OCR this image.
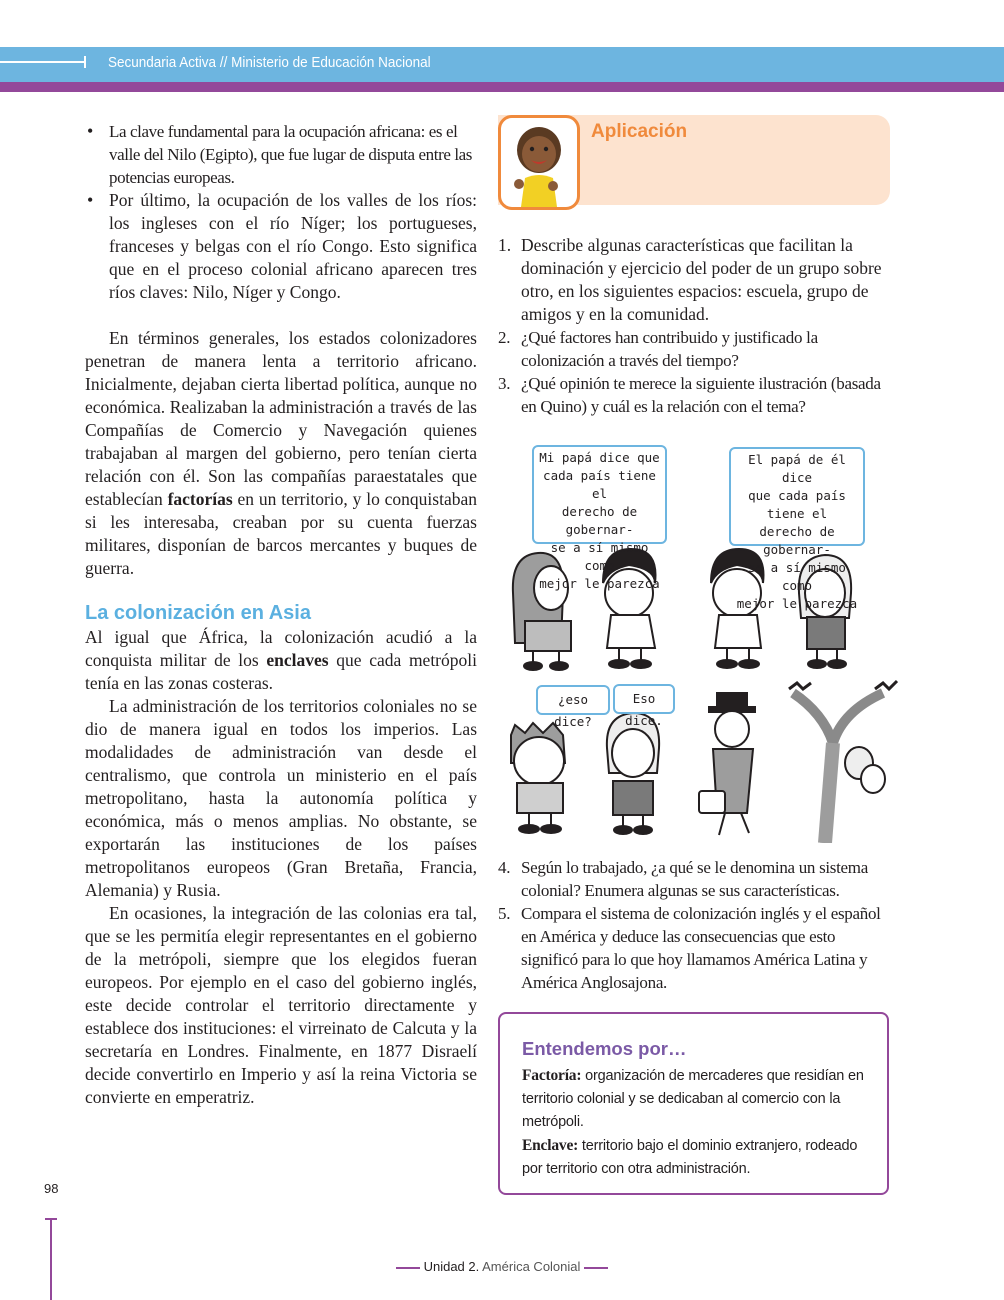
Secundaria Activa // Ministerio de Educación Nacional
• La clave fundamental para la ocupación africana: es el valle del Nilo (Egipto), que fue lugar de disputa entre las potencias europeas.
• Por último, la ocupación de los valles de los ríos: los ingleses con el río Níger; los portugueses, franceses y belgas con el río Congo. Esto significa que en el proceso colonial africano aparecen tres ríos claves: Nilo, Níger y Congo.

En términos generales, los estados colonizadores penetran de manera lenta a territorio africano. Inicialmente, dejaban cierta libertad política, aunque no económica. Realizaban la administración a través de las Compañías de Comercio y Navegación quienes trabajaban al margen del gobierno, pero tenían cierta relación con él. Son las compañías paraestatales que establecían factorías en un territorio, y lo conquistaban si les interesaba, creaban por su cuenta fuerzas militares, disponían de barcos mercantes y buques de guerra.

La colonización en Asia

Al igual que África, la colonización acudió a la conquista militar de los enclaves que cada metrópoli tenía en las zonas costeras.

La administración de los territorios coloniales no se dio de manera igual en todos los imperios. Las modalidades de administración van desde el centralismo, que controla un ministerio en el país metropolitano, hasta la autonomía política y económica, más o menos amplias. No obstante, se exportarán las instituciones de los países metropolitanos europeos (Gran Bretaña, Francia, Alemania) y Rusia.

En ocasiones, la integración de las colonias era tal, que se les permitía elegir representantes en el gobierno de la metrópoli, siempre que los elegidos fueran europeos. Por ejemplo en el caso del gobierno inglés, este decide controlar el territorio directamente y establece dos instituciones: el virreinato de Calcuta y la secretaría en Londres. Finalmente, en 1877 Disraelí decide convertirlo en Imperio y así la reina Victoria se convierte en emperatriz.

Aplicación
1. Describe algunas características que facilitan la dominación y ejercicio del poder de un grupo sobre otro, en los siguientes espacios: escuela, grupo de amigos y en la comunidad.
2. ¿Qué factores han contribuido y justificado la colonización a través del tiempo?
3. ¿Qué opinión te merece la siguiente ilustración (basada en Quino) y cuál es la relación con el tema?
Mi papá dice que
cada país tiene el
derecho de gobernar-
se a sí mismo como
mejor le parezca
El papá de él dice
que cada país tiene el
derecho de gobernar-
se a sí mismo como
mejor le parezca
¿eso dice?
Eso dice.
4. Según lo trabajado, ¿a qué se le denomina un sistema colonial? Enumera algunas se sus características.
5. Compara el sistema de colonización inglés y el español en América y deduce las consecuencias que esto significó para lo que hoy llamamos América Latina y América Anglosajona.

Entendemos por…

Factoría: organización de mercaderes que residían en territorio colonial y se dedicaban al comercio con la metrópoli.

Enclave: territorio bajo el dominio extranjero, rodeado por territorio con otra administración.

98
Unidad 2. América Colonial
